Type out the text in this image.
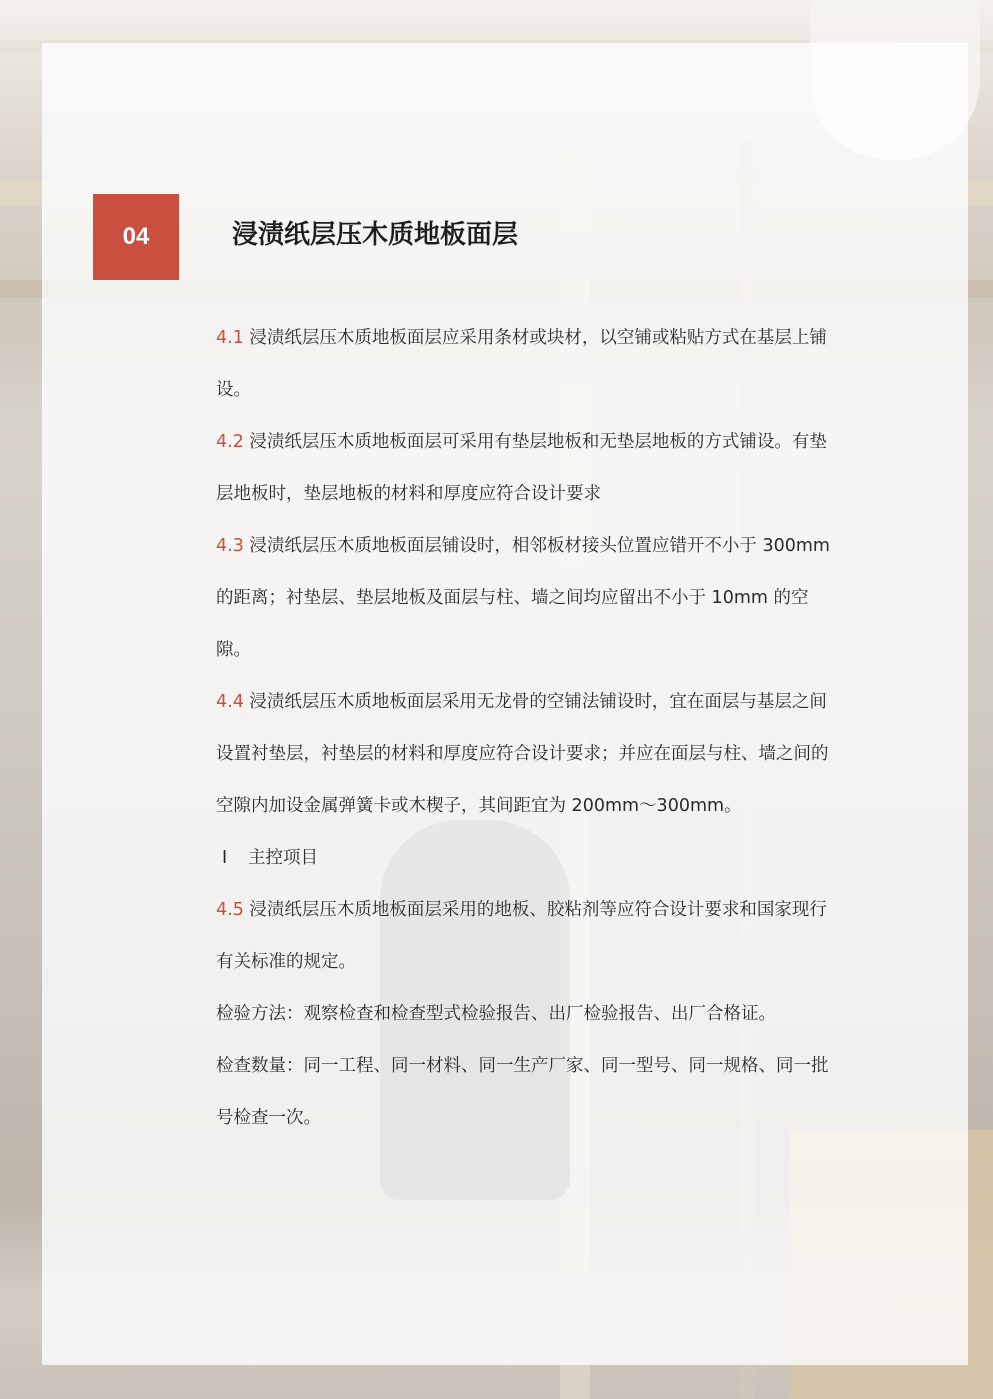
04	浸渍纸层压木质地板面层

4.1 浸渍纸层压木质地板面层应采用条材或块材，以空铺或粘贴方式在基层上铺设。

4.2 浸渍纸层压木质地板面层可采用有垫层地板和无垫层地板的方式铺设。有垫层地板时，垫层地板的材料和厚度应符合设计要求

4.3 浸渍纸层压木质地板面层铺设时，相邻板材接头位置应错开不小于 300mm 的距离；衬垫层、垫层地板及面层与柱、墙之间均应留出不小于 10mm 的空隙。

4.4 浸渍纸层压木质地板面层采用无龙骨的空铺法铺设时，宜在面层与基层之间设置衬垫层，衬垫层的材料和厚度应符合设计要求；并应在面层与柱、墙之间的空隙内加设金属弹簧卡或木楔子，其间距宜为 200mm～300mm。

I 主控项目

4.5 浸渍纸层压木质地板面层采用的地板、胶粘剂等应符合设计要求和国家现行有关标准的规定。

检验方法：观察检查和检查型式检验报告、出厂检验报告、出厂合格证。

检查数量：同一工程、同一材料、同一生产厂家、同一型号、同一规格、同一批号检查一次。
